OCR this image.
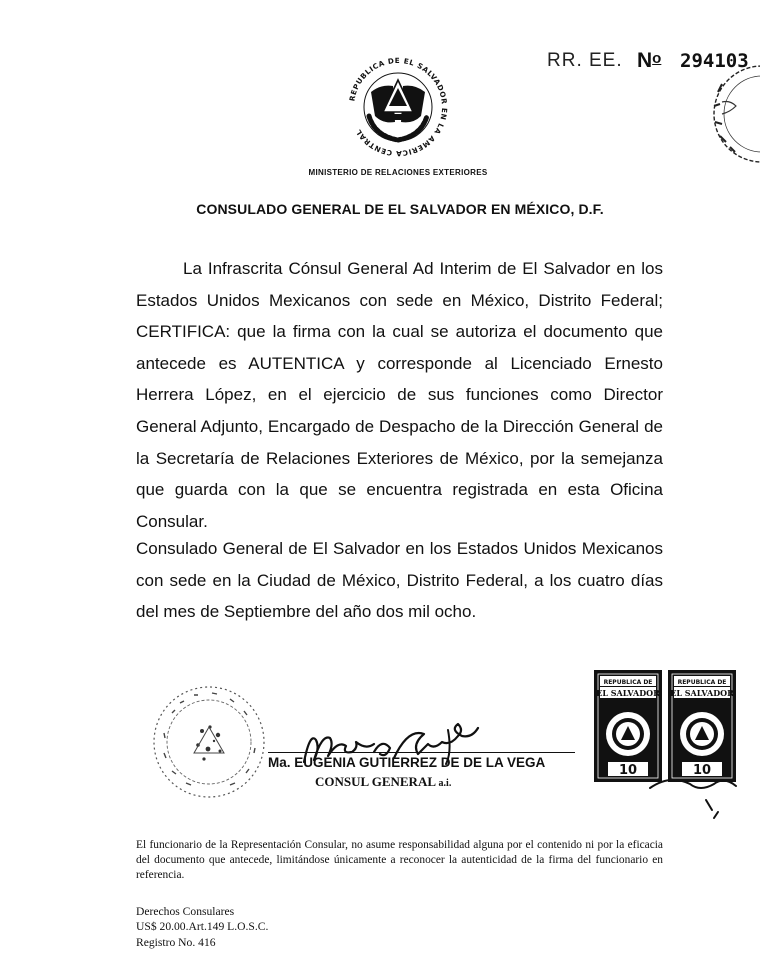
RR. EE. $N^o$ 294103
REPUBLICA DE EL SALVADOR EN LA AMERICA CENTRAL
MINISTERIO DE RELACIONES EXTERIORES
CONSULADO GENERAL DE EL SALVADOR EN MÉXICO, D.F.
La Infrascrita Cónsul General Ad Interim de El Salvador en los Estados Unidos Mexicanos con sede en México, Distrito Federal; CERTIFICA: que la firma con la cual se autoriza el documento que antecede es AUTENTICA y corresponde al Licenciado Ernesto Herrera López, en el ejercicio de sus funciones como Director General Adjunto, Encargado de Despacho de la Dirección General de la Secretaría de Relaciones Exteriores de México, por la semejanza que guarda con la que se encuentra registrada en esta Oficina Consular.
Consulado General de El Salvador en los Estados Unidos Mexicanos con sede en la Ciudad de México, Distrito Federal, a los cuatro días del mes de Septiembre del año dos mil ocho.
Ma. EUGENIA GUTIERREZ DE DE LA VEGA
CONSUL GENERAL a.i.
REPUBLICA DE
EL SALVADOR
10
REPUBLICA DE
EL SALVADOR
10
El funcionario de la Representación Consular, no asume responsabilidad alguna por el contenido ni por la eficacia del documento que antecede, limitándose únicamente a reconocer la autenticidad de la firma del funcionario en referencia.
Derechos Consulares
US$ 20.00.Art.149 L.O.S.C.
Registro No. 416
